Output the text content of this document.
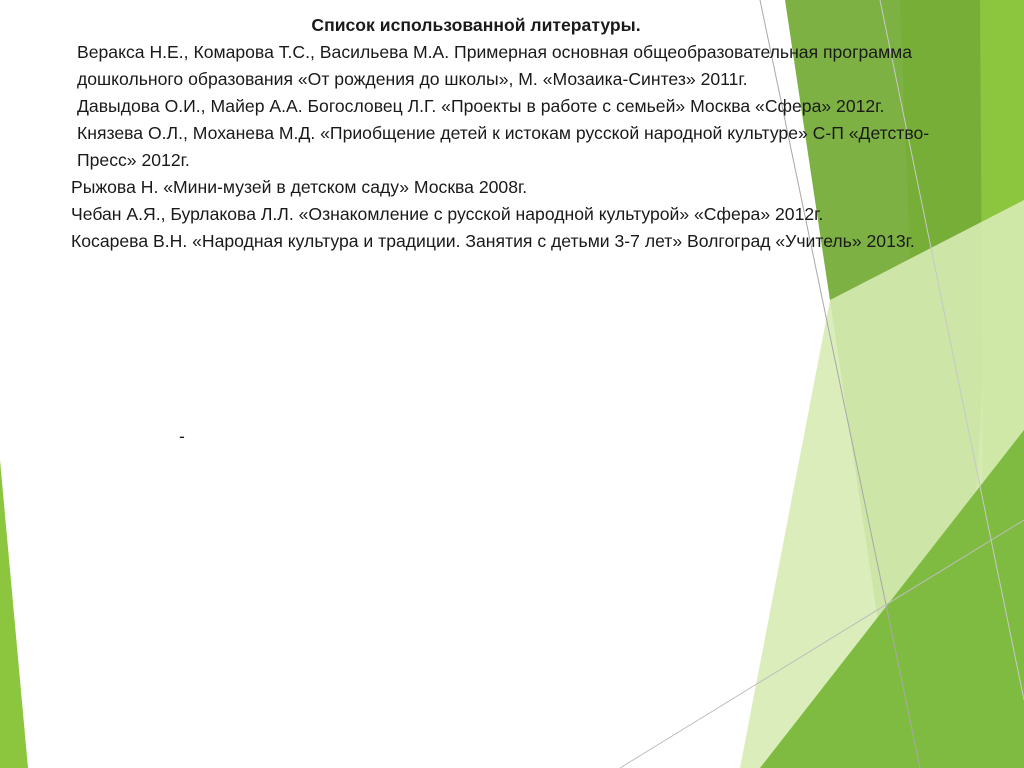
Список использованной литературы.

Веракса Н.Е., Комарова Т.С., Васильева М.А. Примерная основная общеобразовательная программа дошкольного образования «От рождения до школы», М. «Мозаика-Синтез» 2011г.

Давыдова О.И., Майер А.А. Богословец Л.Г. «Проекты в работе с семьей» Москва «Сфера» 2012г.

Князева О.Л., Моханева М.Д. «Приобщение детей к истокам русской народной культуре» С-П «Детство-Пресс» 2012г.

Рыжова Н. «Мини-музей в детском саду» Москва 2008г.

Чебан А.Я., Бурлакова Л.Л. «Ознакомление с русской народной культурой» «Сфера» 2012г.

Косарева В.Н. «Народная культура и традиции. Занятия с детьми 3-7 лет» Волгоград «Учитель» 2013г.

-
